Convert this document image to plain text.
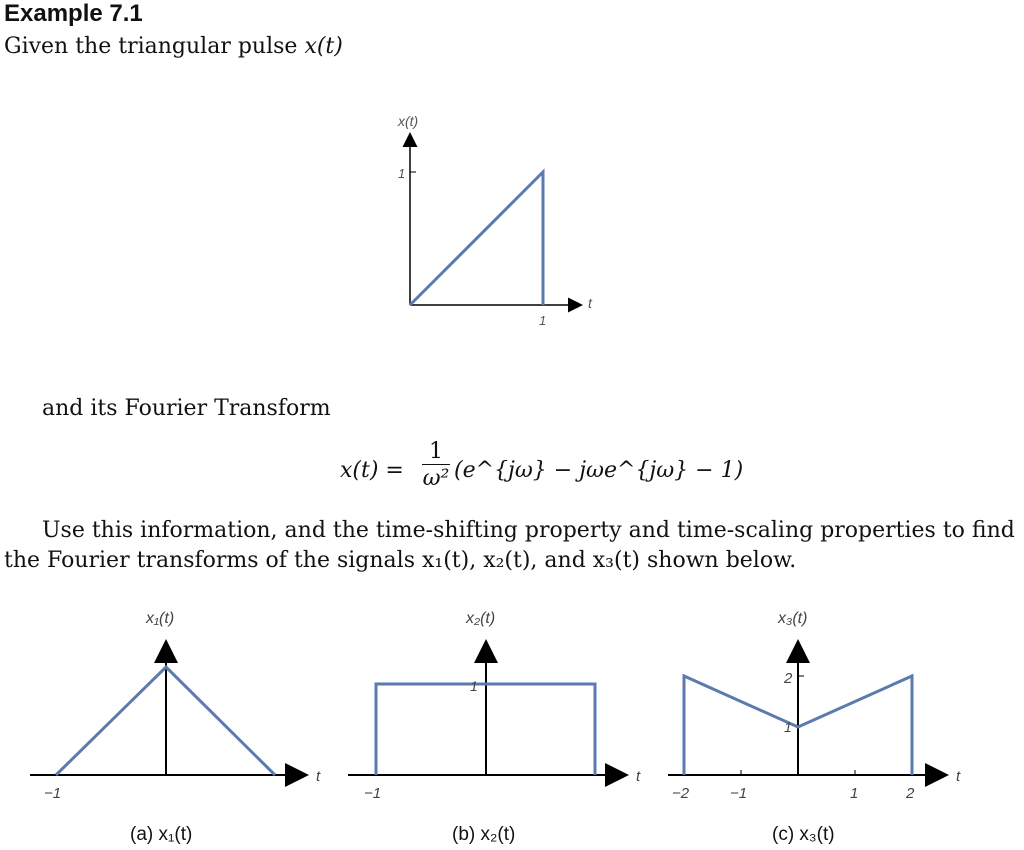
Example 7.1
Given the triangular pulse x(t)
x(t)
1
1
t
and its Fourier Transform
$x(t) = \frac{1}{\text{ω²}}$ (e^{jω} − jωe^{jω} − 1)
Use this information, and the time-shifting property and time-scaling properties to find
the Fourier transforms of the signals x₁(t), x₂(t), and x₃(t) shown below.
x₁(t)
−1
t
(a) x₁(t)
x₂(t)
1
−1
t
(b) x₂(t)
x₃(t)
2
1
−2	−1	1	2
t
(c) x₃(t)
